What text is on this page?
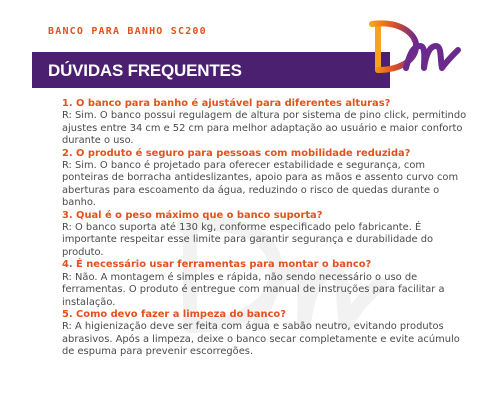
BANCO PARA BANHO SC200
DÚVIDAS FREQUENTES
1. O banco para banho é ajustável para diferentes alturas?

R: Sim. O banco possui regulagem de altura por sistema de pino click, permitindo ajustes entre 34 cm e 52 cm para melhor adaptação ao usuário e maior conforto durante o uso.

2. O produto é seguro para pessoas com mobilidade reduzida?

R: Sim. O banco é projetado para oferecer estabilidade e segurança, com ponteiras de borracha antideslizantes, apoio para as mãos e assento curvo com aberturas para escoamento da água, reduzindo o risco de quedas durante o banho.

3. Qual é o peso máximo que o banco suporta?

R: O banco suporta até 130 kg, conforme especificado pelo fabricante. É importante respeitar esse limite para garantir segurança e durabilidade do produto.

4. É necessário usar ferramentas para montar o banco?

R: Não. A montagem é simples e rápida, não sendo necessário o uso de ferramentas. O produto é entregue com manual de instruções para facilitar a instalação.

5. Como devo fazer a limpeza do banco?

R: A higienização deve ser feita com água e sabão neutro, evitando produtos abrasivos. Após a limpeza, deixe o banco secar completamente e evite acúmulo de espuma para prevenir escorregões.
